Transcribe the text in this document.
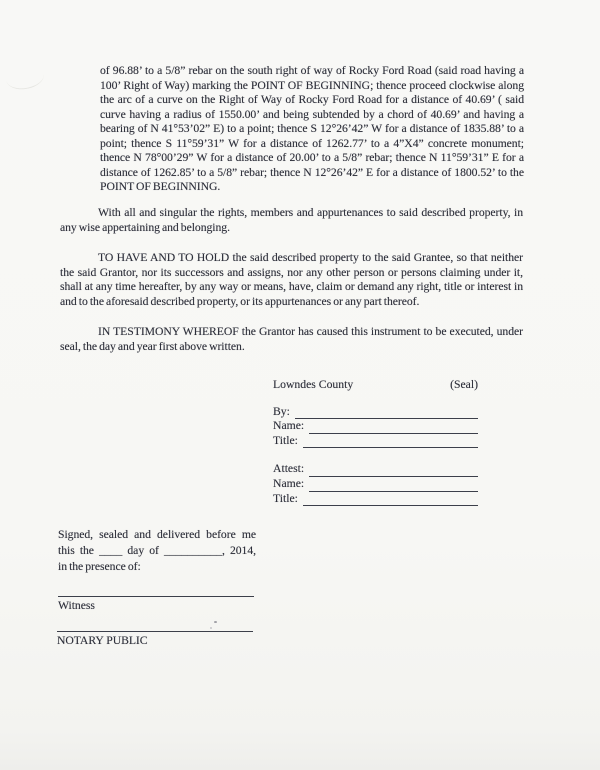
of 96.88’ to a 5/8” rebar on the south right of way of Rocky Ford Road (said road having a
100’ Right of Way) marking the POINT OF BEGINNING; thence proceed clockwise along
the arc of a curve on the Right of Way of Rocky Ford Road for a distance of 40.69’ ( said
curve having a radius of 1550.00’ and being subtended by a chord of 40.69’ and having a
bearing of N 41°53’02” E) to a point; thence S 12°26’42” W for a distance of 1835.88’ to a
point; thence S 11°59’31” W for a distance of 1262.77’ to a 4”X4” concrete monument;
thence N 78°00’29” W for a distance of 20.00’ to a 5/8” rebar; thence N 11°59’31” E for a
distance of 1262.85’ to a 5/8” rebar; thence N 12°26’42” E for a distance of 1800.52’ to the
POINT OF BEGINNING.
With all and singular the rights, members and appurtenances to said described property, in
any wise appertaining and belonging.
TO HAVE AND TO HOLD the said described property to the said Grantee, so that neither
the said Grantor, nor its successors and assigns, nor any other person or persons claiming under it,
shall at any time hereafter, by any way or means, have, claim or demand any right, title or interest in
and to the aforesaid described property, or its appurtenances or any part thereof.
IN TESTIMONY WHEREOF the Grantor has caused this instrument to be executed, under
seal, the day and year first above written.
Lowndes County	(Seal)
By:
Name:
Title:
Attest:
Name:
Title:
Signed, sealed and delivered before me
this the ____ day of __________, 2014,
in the presence of:
Witness
NOTARY PUBLIC
